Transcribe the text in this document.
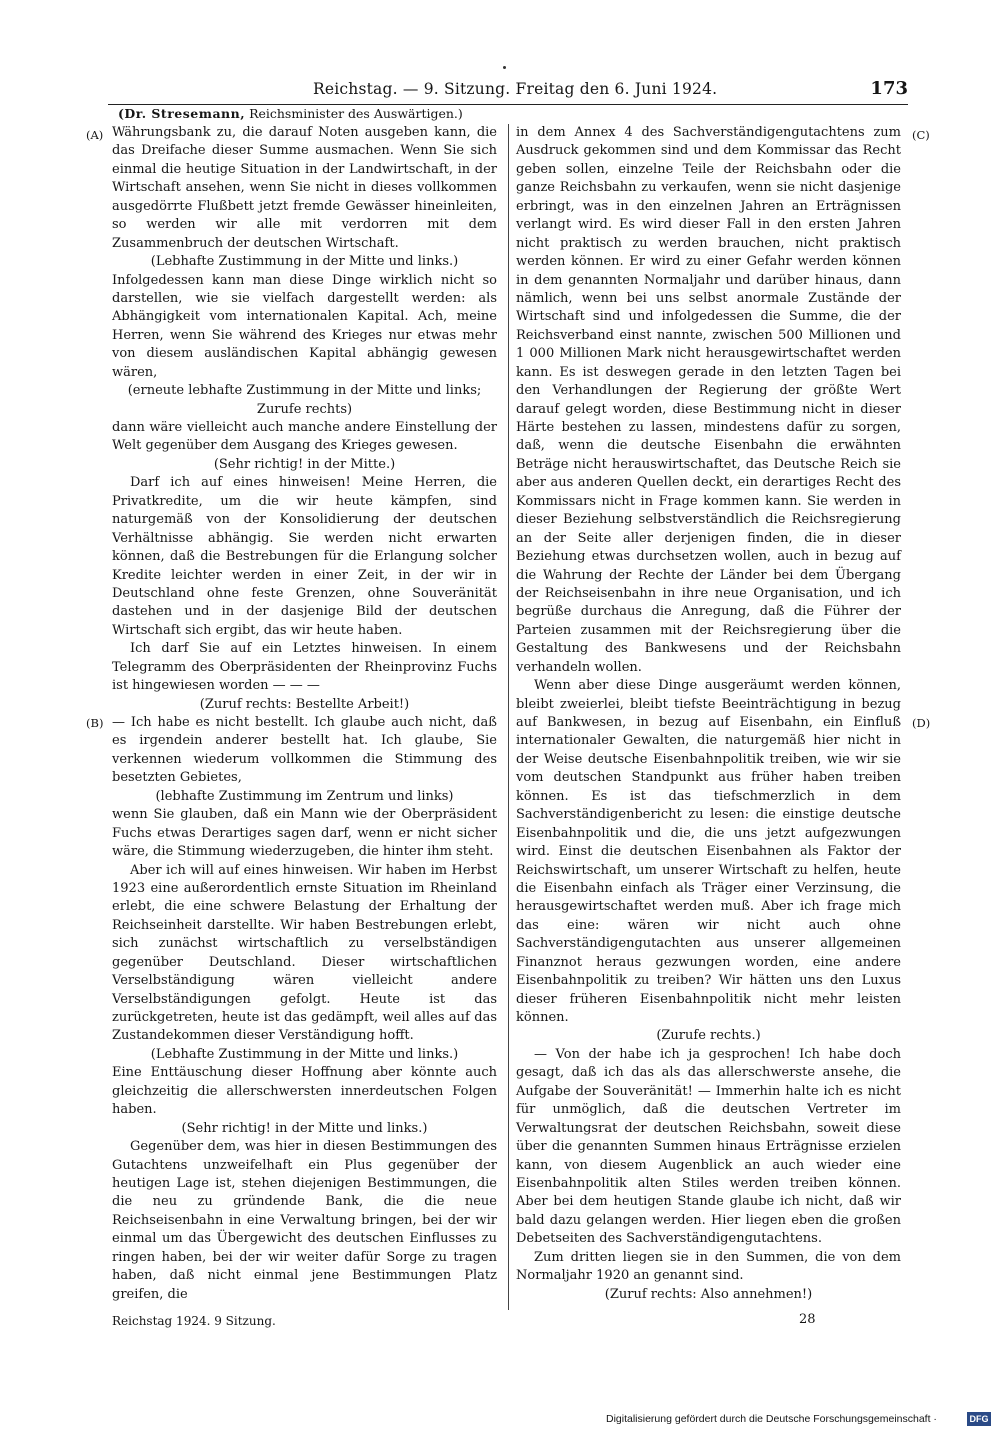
Reichstag. — 9. Sitzung. Freitag den 6. Juni 1924.	173
(Dr. Stresemann, Reichsminister des Auswärtigen.)
(A)
(B)
(C)
(D)

Währungsbank zu, die darauf Noten ausgeben kann, die das Dreifache dieser Summe ausmachen. Wenn Sie sich einmal die heutige Situation in der Landwirtschaft, in der Wirtschaft ansehen, wenn Sie nicht in dieses vollkommen ausgedörrte Flußbett jetzt fremde Gewässer hineinleiten, so werden wir alle mit verdorren mit dem Zusammenbruch der deutschen Wirtschaft.

(Lebhafte Zustimmung in der Mitte und links.)

Infolgedessen kann man diese Dinge wirklich nicht so darstellen, wie sie vielfach dargestellt werden: als Abhängigkeit vom internationalen Kapital. Ach, meine Herren, wenn Sie während des Krieges nur etwas mehr von diesem ausländischen Kapital abhängig gewesen wären,

(erneute lebhafte Zustimmung in der Mitte und links; Zurufe rechts)

dann wäre vielleicht auch manche andere Einstellung der Welt gegenüber dem Ausgang des Krieges gewesen.

(Sehr richtig! in der Mitte.)

Darf ich auf eines hinweisen! Meine Herren, die Privatkredite, um die wir heute kämpfen, sind naturgemäß von der Konsolidierung der deutschen Verhältnisse abhängig. Sie werden nicht erwarten können, daß die Bestrebungen für die Erlangung solcher Kredite leichter werden in einer Zeit, in der wir in Deutschland ohne feste Grenzen, ohne Souveränität dastehen und in der dasjenige Bild der deutschen Wirtschaft sich ergibt, das wir heute haben.

Ich darf Sie auf ein Letztes hinweisen. In einem Telegramm des Oberpräsidenten der Rheinprovinz Fuchs ist hingewiesen worden — — —

(Zuruf rechts: Bestellte Arbeit!)

— Ich habe es nicht bestellt. Ich glaube auch nicht, daß es irgendein anderer bestellt hat. Ich glaube, Sie verkennen wiederum vollkommen die Stimmung des besetzten Gebietes,

(lebhafte Zustimmung im Zentrum und links)

wenn Sie glauben, daß ein Mann wie der Oberpräsident Fuchs etwas Derartiges sagen darf, wenn er nicht sicher wäre, die Stimmung wiederzugeben, die hinter ihm steht.

Aber ich will auf eines hinweisen. Wir haben im Herbst 1923 eine außerordentlich ernste Situation im Rheinland erlebt, die eine schwere Belastung der Erhaltung der Reichseinheit darstellte. Wir haben Bestrebungen erlebt, sich zunächst wirtschaftlich zu verselbständigen gegenüber Deutschland. Dieser wirtschaftlichen Verselbständigung wären vielleicht andere Verselbständigungen gefolgt. Heute ist das zurückgetreten, heute ist das gedämpft, weil alles auf das Zustandekommen dieser Verständigung hofft.

(Lebhafte Zustimmung in der Mitte und links.)

Eine Enttäuschung dieser Hoffnung aber könnte auch gleichzeitig die allerschwersten innerdeutschen Folgen haben.

(Sehr richtig! in der Mitte und links.)

Gegenüber dem, was hier in diesen Bestimmungen des Gutachtens unzweifelhaft ein Plus gegenüber der heutigen Lage ist, stehen diejenigen Bestimmungen, die die neu zu gründende Bank, die die neue Reichseisenbahn in eine Verwaltung bringen, bei der wir einmal um das Übergewicht des deutschen Einflusses zu ringen haben, bei der wir weiter dafür Sorge zu tragen haben, daß nicht einmal jene Bestimmungen Platz greifen, die

in dem Annex 4 des Sachverständigengutachtens zum Ausdruck gekommen sind und dem Kommissar das Recht geben sollen, einzelne Teile der Reichsbahn oder die ganze Reichsbahn zu verkaufen, wenn sie nicht dasjenige erbringt, was in den einzelnen Jahren an Erträgnissen verlangt wird. Es wird dieser Fall in den ersten Jahren nicht praktisch zu werden brauchen, nicht praktisch werden können. Er wird zu einer Gefahr werden können in dem genannten Normaljahr und darüber hinaus, dann nämlich, wenn bei uns selbst anormale Zustände der Wirtschaft sind und infolgedessen die Summe, die der Reichsverband einst nannte, zwischen 500 Millionen und 1 000 Millionen Mark nicht herausgewirtschaftet werden kann. Es ist deswegen gerade in den letzten Tagen bei den Verhandlungen der Regierung der größte Wert darauf gelegt worden, diese Bestimmung nicht in dieser Härte bestehen zu lassen, mindestens dafür zu sorgen, daß, wenn die deutsche Eisenbahn die erwähnten Beträge nicht herauswirtschaftet, das Deutsche Reich sie aber aus anderen Quellen deckt, ein derartiges Recht des Kommissars nicht in Frage kommen kann. Sie werden in dieser Beziehung selbstverständlich die Reichsregierung an der Seite aller derjenigen finden, die in dieser Beziehung etwas durchsetzen wollen, auch in bezug auf die Wahrung der Rechte der Länder bei dem Übergang der Reichseisenbahn in ihre neue Organisation, und ich begrüße durchaus die Anregung, daß die Führer der Parteien zusammen mit der Reichsregierung über die Gestaltung des Bankwesens und der Reichsbahn verhandeln wollen.

Wenn aber diese Dinge ausgeräumt werden können, bleibt zweierlei, bleibt tiefste Beeinträchtigung in bezug auf Bankwesen, in bezug auf Eisenbahn, ein Einfluß internationaler Gewalten, die naturgemäß hier nicht in der Weise deutsche Eisenbahnpolitik treiben, wie wir sie vom deutschen Standpunkt aus früher haben treiben können. Es ist das tiefschmerzlich in dem Sachverständigenbericht zu lesen: die einstige deutsche Eisenbahnpolitik und die, die uns jetzt aufgezwungen wird. Einst die deutschen Eisenbahnen als Faktor der Reichswirtschaft, um unserer Wirtschaft zu helfen, heute die Eisenbahn einfach als Träger einer Verzinsung, die herausgewirtschaftet werden muß. Aber ich frage mich das eine: wären wir nicht auch ohne Sachverständigengutachten aus unserer allgemeinen Finanznot heraus gezwungen worden, eine andere Eisenbahnpolitik zu treiben? Wir hätten uns den Luxus dieser früheren Eisenbahnpolitik nicht mehr leisten können.

(Zurufe rechts.)

— Von der habe ich ja gesprochen! Ich habe doch gesagt, daß ich das als das allerschwerste ansehe, die Aufgabe der Souveränität! — Immerhin halte ich es nicht für unmöglich, daß die deutschen Vertreter im Verwaltungsrat der deutschen Reichsbahn, soweit diese über die genannten Summen hinaus Erträgnisse erzielen kann, von diesem Augenblick an auch wieder eine Eisenbahnpolitik alten Stiles werden treiben können. Aber bei dem heutigen Stande glaube ich nicht, daß wir bald dazu gelangen werden. Hier liegen eben die großen Debetseiten des Sachverständigengutachtens.

Zum dritten liegen sie in den Summen, die von dem Normaljahr 1920 an genannt sind.

(Zuruf rechts: Also annehmen!)

Reichstag 1924. 9 Sitzung.	28
Digitalisierung gefördert durch die Deutsche Forschungsgemeinschaft ·	DFG
